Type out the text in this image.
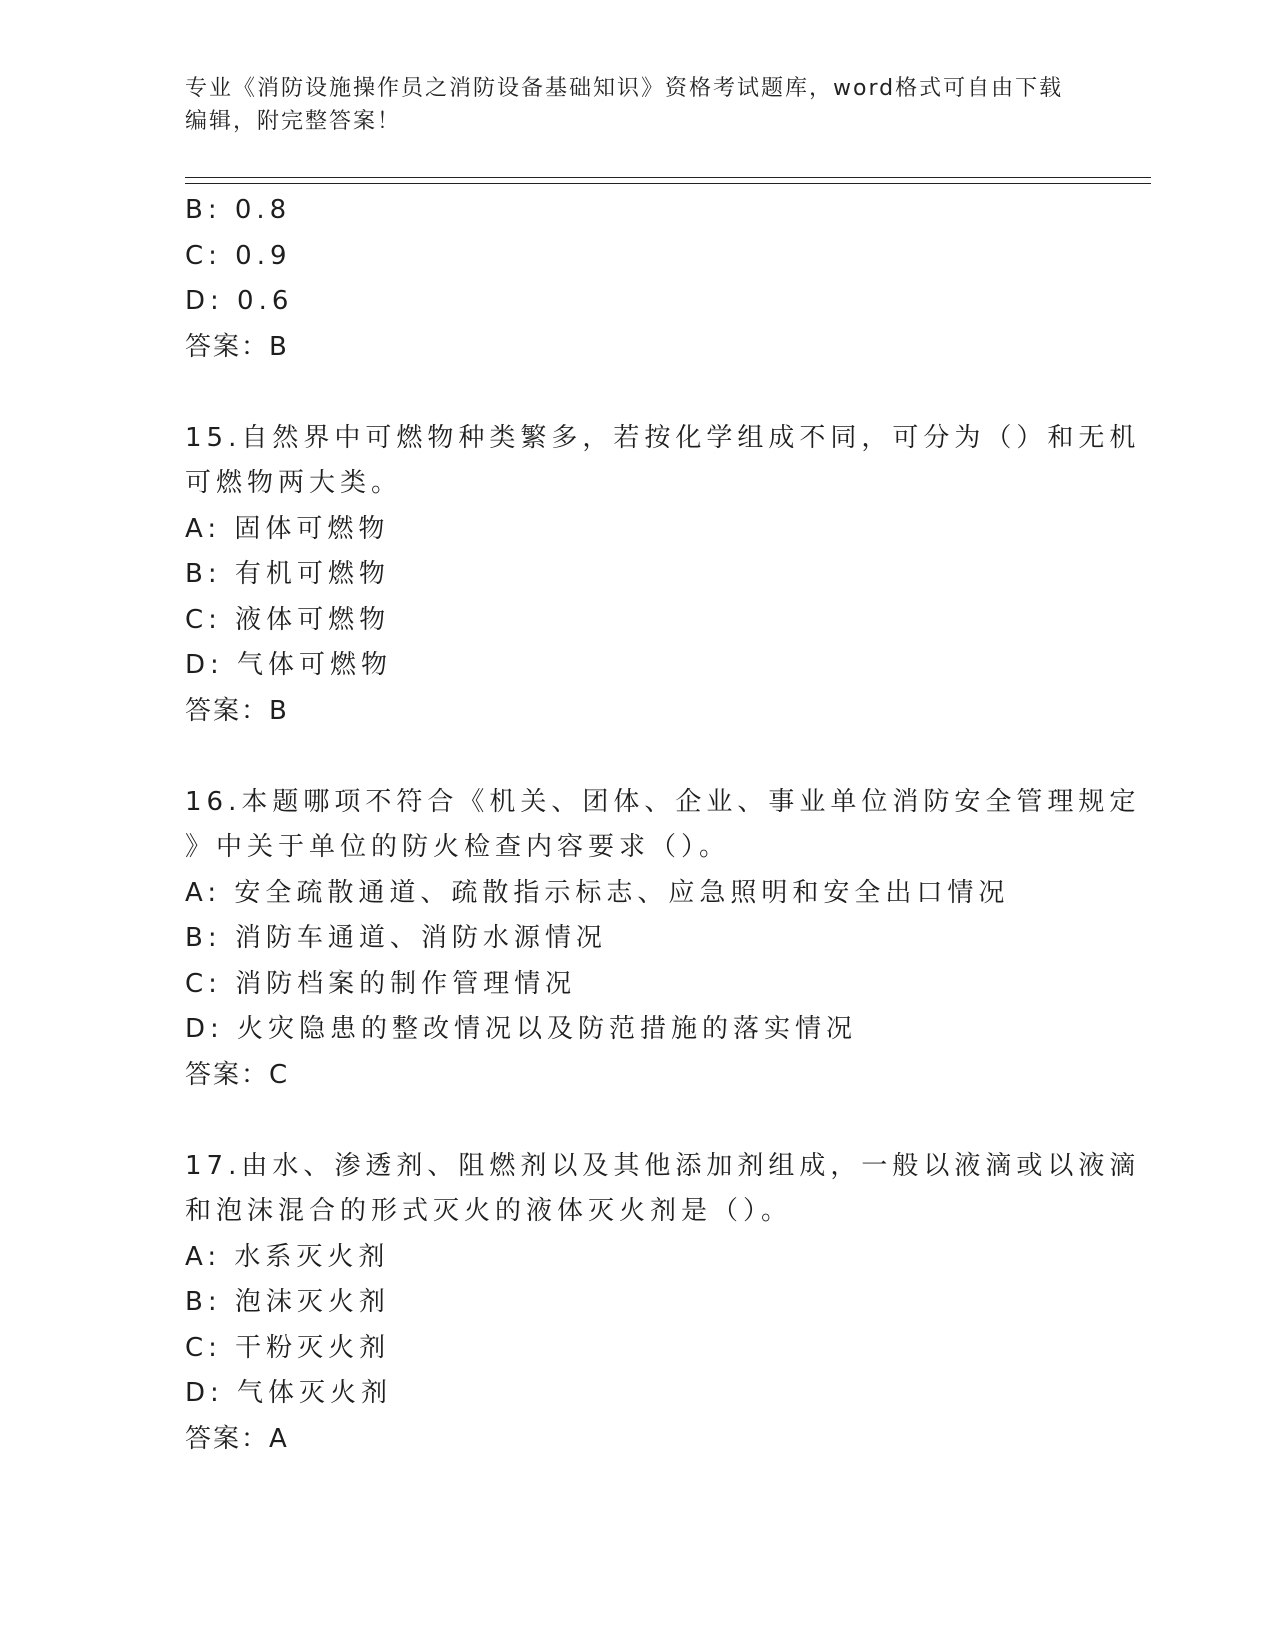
专业《消防设施操作员之消防设备基础知识》资格考试题库，word格式可自由下载编辑，附完整答案！
B: 0.8
C: 0.9
D: 0.6
答案：B
15.自然界中可燃物种类繁多，若按化学组成不同，可分为（）和无机
可燃物两大类。
A: 固体可燃物
B: 有机可燃物
C: 液体可燃物
D: 气体可燃物
答案：B
16.本题哪项不符合《机关、团体、企业、事业单位消防安全管理规定
》中关于单位的防火检查内容要求（）。
A: 安全疏散通道、疏散指示标志、应急照明和安全出口情况
B: 消防车通道、消防水源情况
C: 消防档案的制作管理情况
D: 火灾隐患的整改情况以及防范措施的落实情况
答案：C
17.由水、渗透剂、阻燃剂以及其他添加剂组成，一般以液滴或以液滴
和泡沫混合的形式灭火的液体灭火剂是（）。
A: 水系灭火剂
B: 泡沫灭火剂
C: 干粉灭火剂
D: 气体灭火剂
答案：A
